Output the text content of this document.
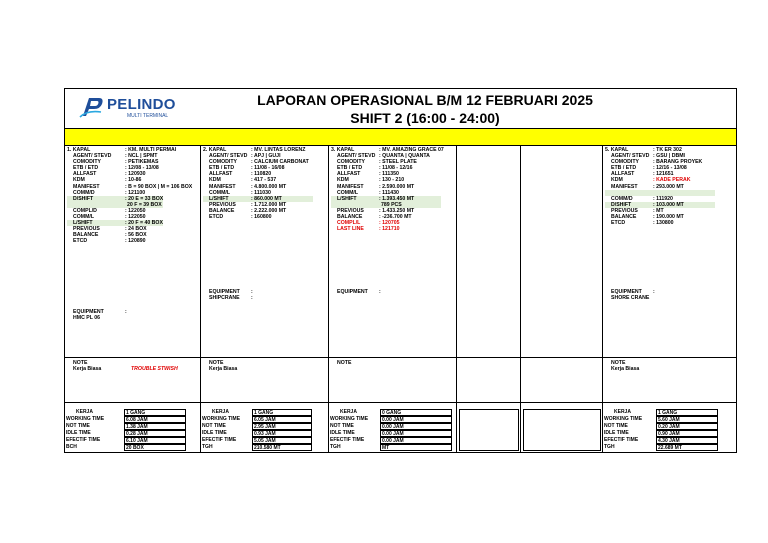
PELINDO
MULTI TERMINAL
LAPORAN OPERASIONAL B/M 12 FEBRUARI 2025
SHIFT 2 (16:00 - 24:00)
1. KAPAL	: KM. MULTI PERMAI
AGENT/ STEVD	: NCL | SPMT
COMODITY	: PETIKEMAS
ETB / ETD	: 12/08 - 13/08
ALLFAST	: 120930
KDM	: 10-86
MANIFEST	: B = 90 BOX | M = 106 BOX
COMM/D	: 121100
D/SHIFT	: 20 E = 33 BOX
20 F = 39 BOX
COMPL/D	: 122050
COMM/L	: 122050
L/SHIFT	: 20 F = 40 BOX
PREVIOUS	: 24 BOX
BALANCE	: 56 BOX
ETCD	: 120890
EQUIPMENT	:
HMC PL 06
NOTE
Kerja Biasa	TROUBLE STWISH
2. KAPAL	: MV. LINTAS LORENZ
AGENT/ STEVD : APJ | GUJI
COMODITY	: CALCIUM CARBONAT
ETB / ETD	: 11/08 - 16/08
ALLFAST	: 110820
KDM	: 417 - 537
MANIFEST	: 4.800.000 MT
COMM/L	: 111030
L/SHIFT	: 860.000 MT
PREVIOUS	: 1.712.000 MT
BALANCE	: 2.222.000 MT
ETCD	: 160800
EQUIPMENT :
SHIPCRANE :
NOTE
Kerja Biasa
3. KAPAL	: MV. AMAZING GRACE 07
AGENT/ STEVD : QUANTA | QUANTA
COMODITY	: STEEL PLATE
ETB / ETD	: 11/08 - 12/16
ALLFAST	: 111350
KDM	: 130 - 210
MANIFEST	: 2.590.000 MT
COMM/L	: 111430
L/SHIFT	: 1.393.450 MT
789 PCS
PREVIOUS	: 1.433.250 MT
BALANCE	: -236.700 MT
COMPL/L	: 120705
LAST LINE	: 121710
EQUIPMENT :
NOTE
5. KAPAL	: TK ER 302
AGENT/ STEVD : GSU | DBMI
COMODITY	: BARANG PROYEK
ETB / ETD	: 12/16 - 13/08
ALLFAST	: 121651
KDM	: KADE PERAK
MANIFEST	: 293.000 MT
COMM/D	: 111920
D/SHIFT	: 103.000 MT
PREVIOUS	: MT
BALANCE	: 190.000 MT
ETCD	: 130800
EQUIPMENT :
SHORE CRANE
NOTE
Kerja Biasa
KERJA	1 GANG
WORKING TIME	6.08 JAM
NOT TIME	1.38 JAM
IDLE TIME	0.28 JAM
EFECTIF TIME	6.10 JAM
BCH	20 BOX
KERJA	1 GANG
WORKING TIME	6.05 JAM
NOT TIME	2.95 JAM
IDLE TIME	0.93 JAM
EFECTIF TIME	5.05 JAM
TGH	210.580 MT
KERJA	0 GANG
WORKING TIME	0.00 JAM
NOT TIME	0.00 JAM
IDLE TIME	0.00 JAM
EFECTIF TIME	0.00 JAM
TGH	MT
KERJA	1 GANG
WORKING TIME	5.60 JAM
NOT TIME	0.20 JAM
IDLE TIME	0.90 JAM
EFECTIF TIME	4.30 JAM
TGH	22.689 MT
